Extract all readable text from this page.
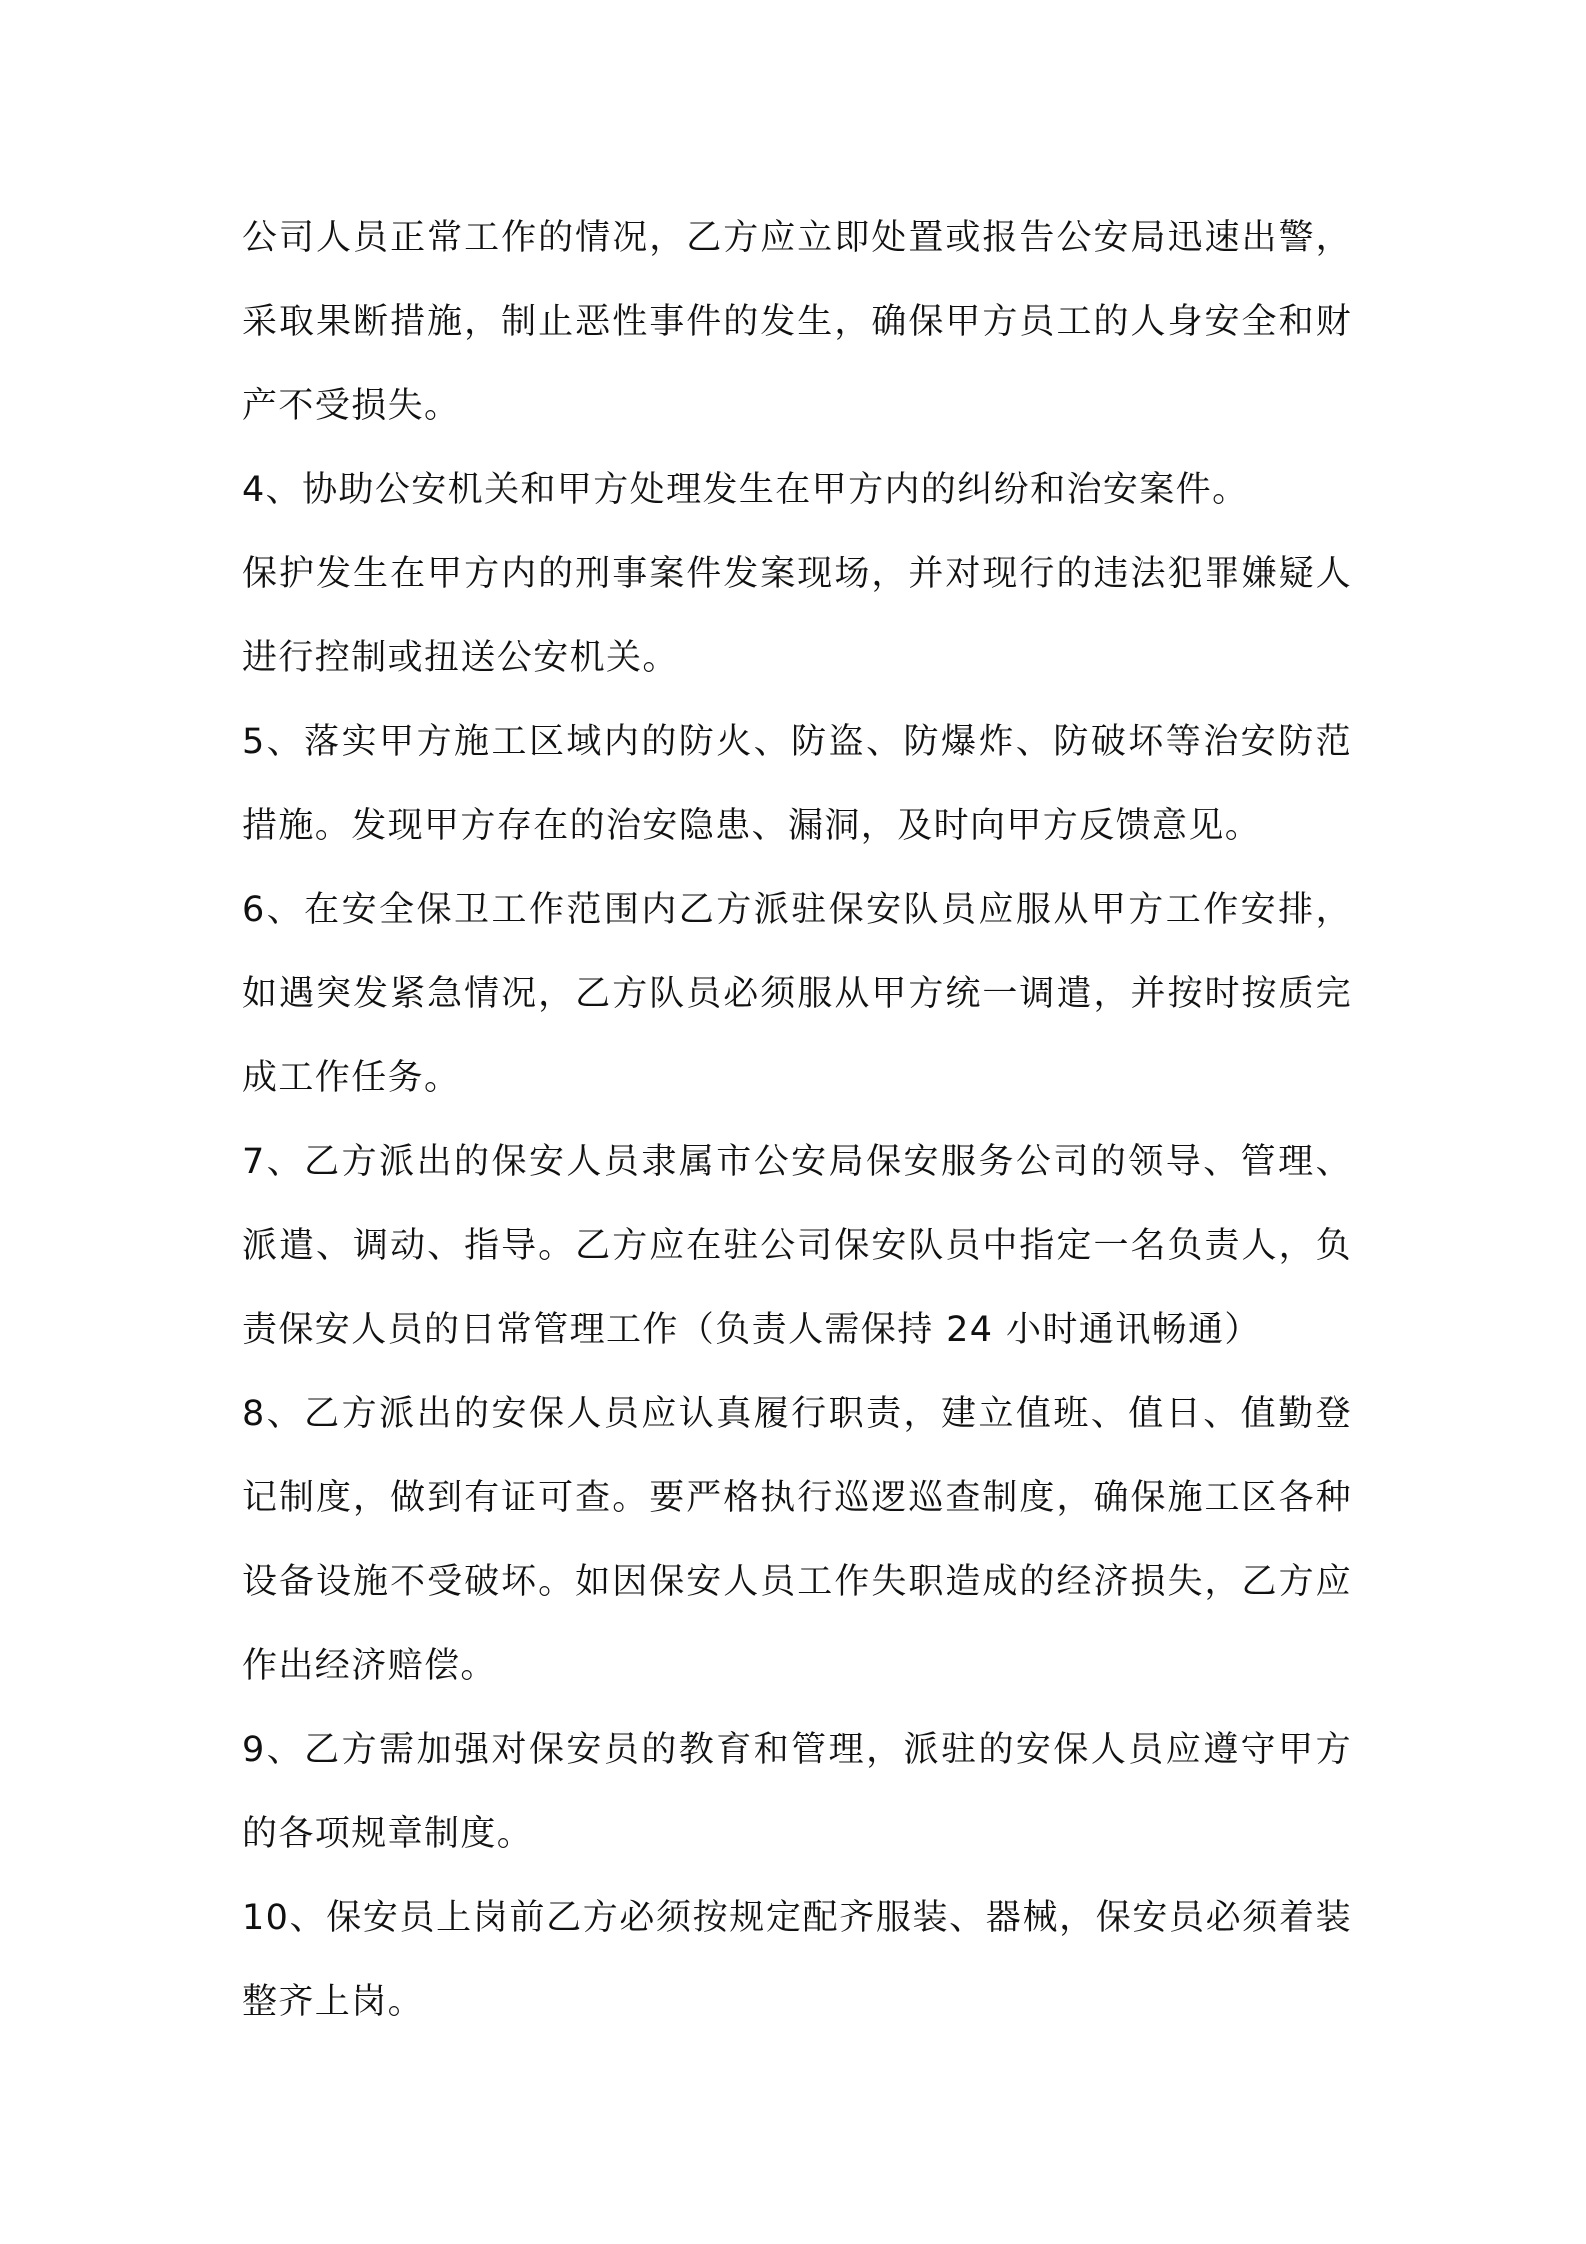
公司人员正常工作的情况，乙方应立即处置或报告公安局迅速出警，
采取果断措施，制止恶性事件的发生，确保甲方员工的人身安全和财
产不受损失。
4、协助公安机关和甲方处理发生在甲方内的纠纷和治安案件。
保护发生在甲方内的刑事案件发案现场，并对现行的违法犯罪嫌疑人
进行控制或扭送公安机关。
5、落实甲方施工区域内的防火、防盗、防爆炸、防破坏等治安防范
措施。发现甲方存在的治安隐患、漏洞，及时向甲方反馈意见。
6、在安全保卫工作范围内乙方派驻保安队员应服从甲方工作安排，
如遇突发紧急情况，乙方队员必须服从甲方统一调遣，并按时按质完
成工作任务。
7、乙方派出的保安人员隶属市公安局保安服务公司的领导、管理、
派遣、调动、指导。乙方应在驻公司保安队员中指定一名负责人，负
责保安人员的日常管理工作（负责人需保持 24 小时通讯畅通）
8、乙方派出的安保人员应认真履行职责，建立值班、值日、值勤登
记制度，做到有证可查。要严格执行巡逻巡查制度，确保施工区各种
设备设施不受破坏。如因保安人员工作失职造成的经济损失，乙方应
作出经济赔偿。
9、乙方需加强对保安员的教育和管理，派驻的安保人员应遵守甲方
的各项规章制度。
10、保安员上岗前乙方必须按规定配齐服装、器械，保安员必须着装
整齐上岗。
